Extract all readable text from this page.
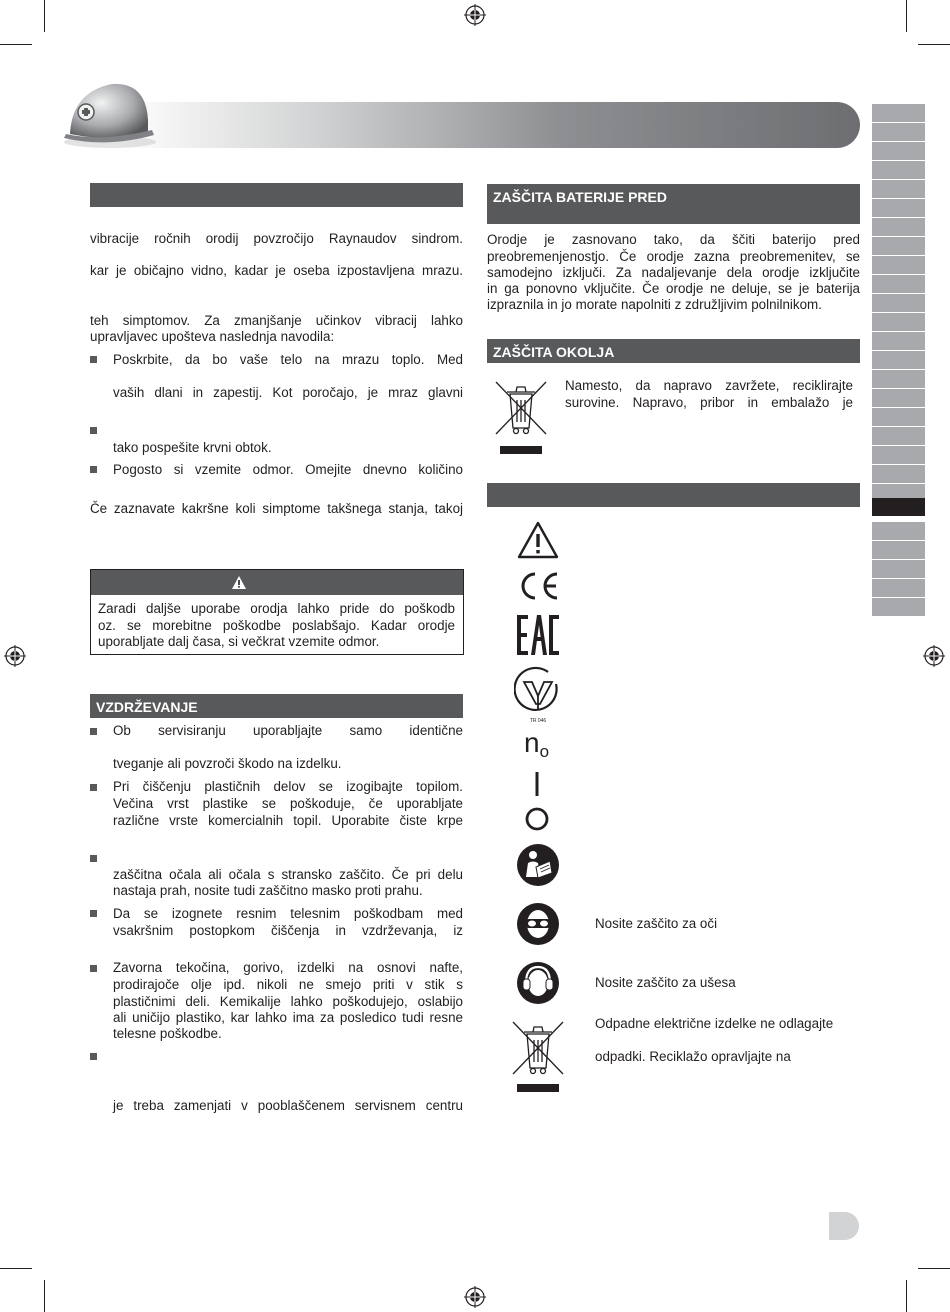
vibracije ročnih orodij povzročijo Raynaudov sindrom.
kar je običajno vidno, kadar je oseba izpostavljena mrazu.
teh simptomov. Za zmanjšanje učinkov vibracij lahko
upravljavec upošteva naslednja navodila:
Poskrbite, da bo vaše telo na mrazu toplo. Med
vaših dlani in zapestij. Kot poročajo, je mraz glavni
tako pospešite krvni obtok.
Pogosto si vzemite odmor. Omejite dnevno količino
Če zaznavate kakršne koli simptome takšnega stanja, takoj
Zaradi daljše uporabe orodja lahko pride do poškodb
oz. se morebitne poškodbe poslabšajo. Kadar orodje
uporabljate dalj časa, si večkrat vzemite odmor.
VZDRŽEVANJE
Ob servisiranju uporabljajte samo identične
tveganje ali povzroči škodo na izdelku.
Pri čiščenju plastičnih delov se izogibajte topilom.
Večina vrst plastike se poškoduje, če uporabljate
različne vrste komercialnih topil. Uporabite čiste krpe
zaščitna očala ali očala s stransko zaščito. Če pri delu
nastaja prah, nosite tudi zaščitno masko proti prahu.
Da se izognete resnim telesnim poškodbam med
vsakršnim postopkom čiščenja in vzdrževanja, iz
Zavorna tekočina, gorivo, izdelki na osnovi nafte,
prodirajoče olje ipd. nikoli ne smejo priti v stik s
plastičnimi deli. Kemikalije lahko poškodujejo, oslabijo
ali uničijo plastiko, kar lahko ima za posledico tudi resne
telesne poškodbe.
je treba zamenjati v pooblaščenem servisnem centru
ZAŠČITA BATERIJE PRED
Orodje je zasnovano tako, da ščiti baterijo pred
preobremenjenostjo. Če orodje zazna preobremenitev, se
samodejno izključi. Za nadaljevanje dela orodje izključite
in ga ponovno vključite. Če orodje ne deluje, se je baterija
izpraznila in jo morate napolniti z združljivim polnilnikom.
ZAŠČITA OKOLJA
Namesto, da napravo zavržete, reciklirajte
surovine. Napravo, pribor in embalažo je
TR 046
no
Nosite zaščito za oči
Nosite zaščito za ušesa
Odpadne električne izdelke ne odlagajte
odpadki. Reciklažo opravljajte na
